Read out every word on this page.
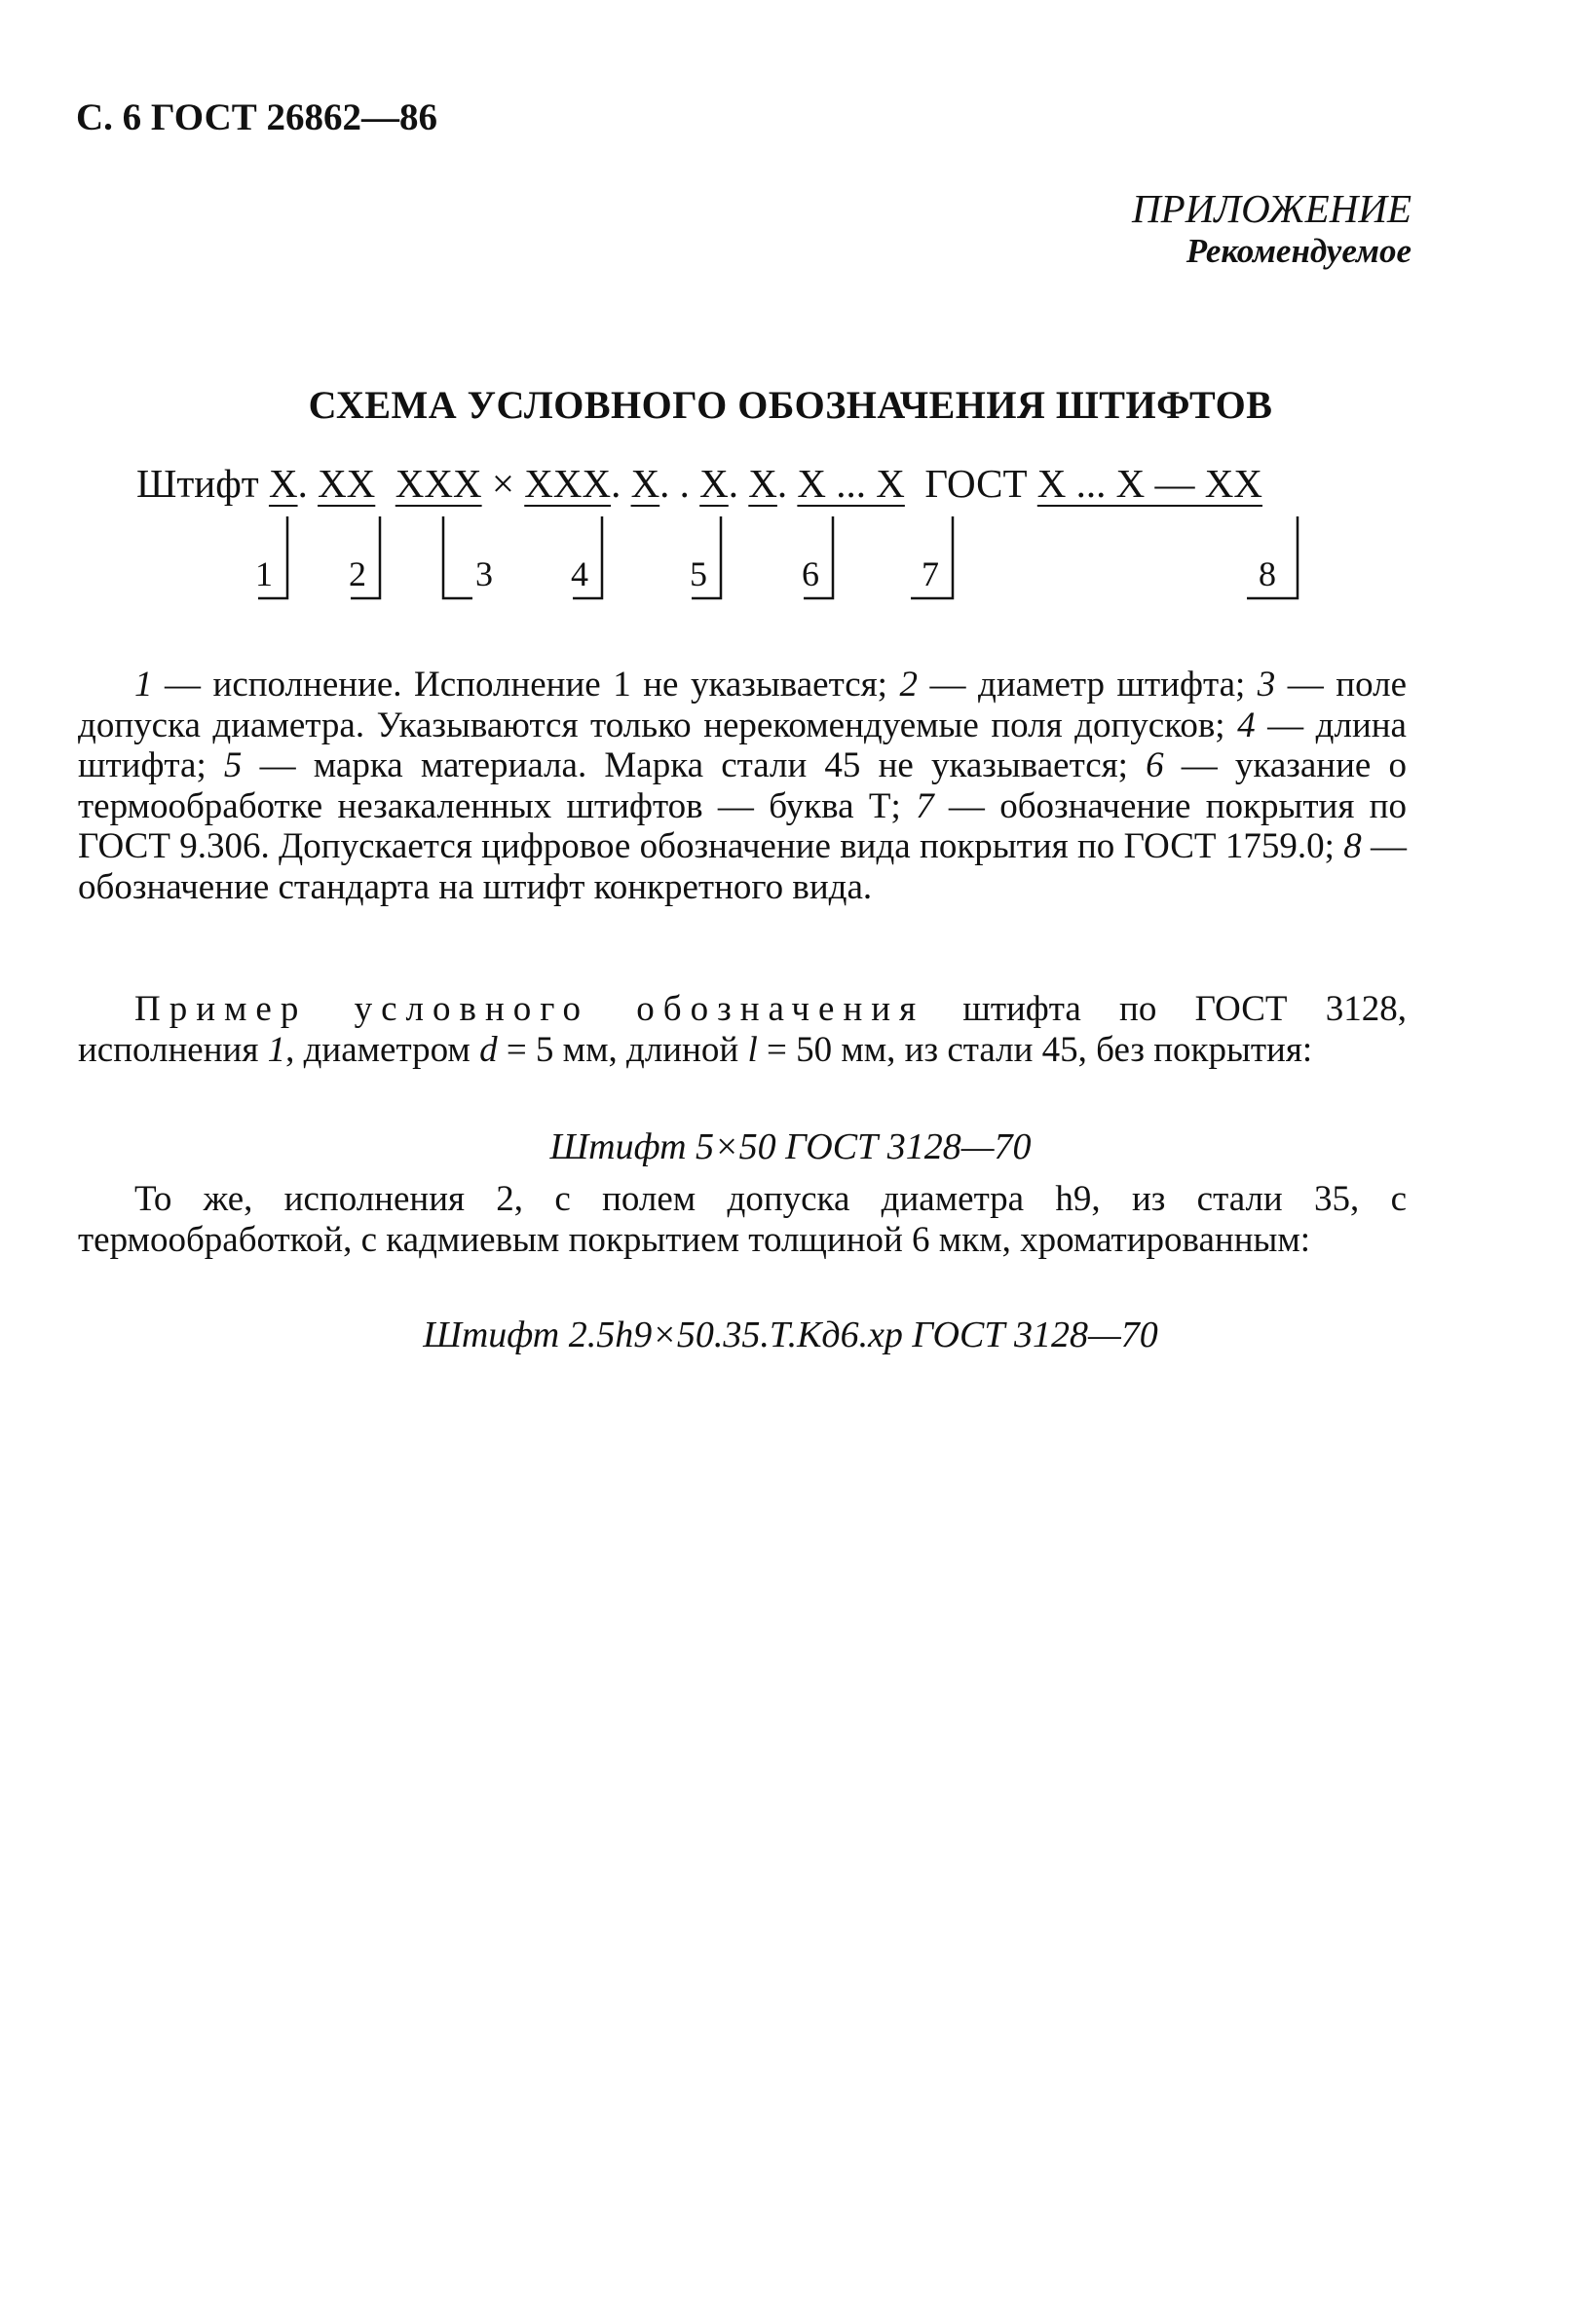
С. 6 ГОСТ 26862—86
ПРИЛОЖЕНИЕ
Рекомендуемое
СХЕМА УСЛОВНОГО ОБОЗНАЧЕНИЯ ШТИФТОВ
Штифт X. XX XXX × XXX. X. . X. X. X ... X ГОСТ X ... X — XX
1 2	3 4	5	6	7	8
1 — исполнение. Исполнение 1 не указывается; 2 — диаметр штифта; 3 — поле допуска диаметра. Указываются только нерекомендуемые поля допусков; 4 — длина штифта; 5 — марка материала. Марка стали 45 не указывается; 6 — указание о термообработке незакаленных штифтов — буква Т; 7 — обозначение покрытия по ГОСТ 9.306. Допускается цифровое обозначение вида покрытия по ГОСТ 1759.0; 8 — обозначение стандарта на штифт конкретного вида.
Пример условного обозначения штифта по ГОСТ 3128, исполнения 1, диаметром d = 5 мм, длиной l = 50 мм, из стали 45, без покрытия:
Штифт 5×50 ГОСТ 3128—70
То же, исполнения 2, с полем допуска диаметра h9, из стали 35, с термообработкой, с кадмиевым покрытием толщиной 6 мкм, хроматированным:
Штифт 2.5h9×50.35.Т.Кд6.хр ГОСТ 3128—70
